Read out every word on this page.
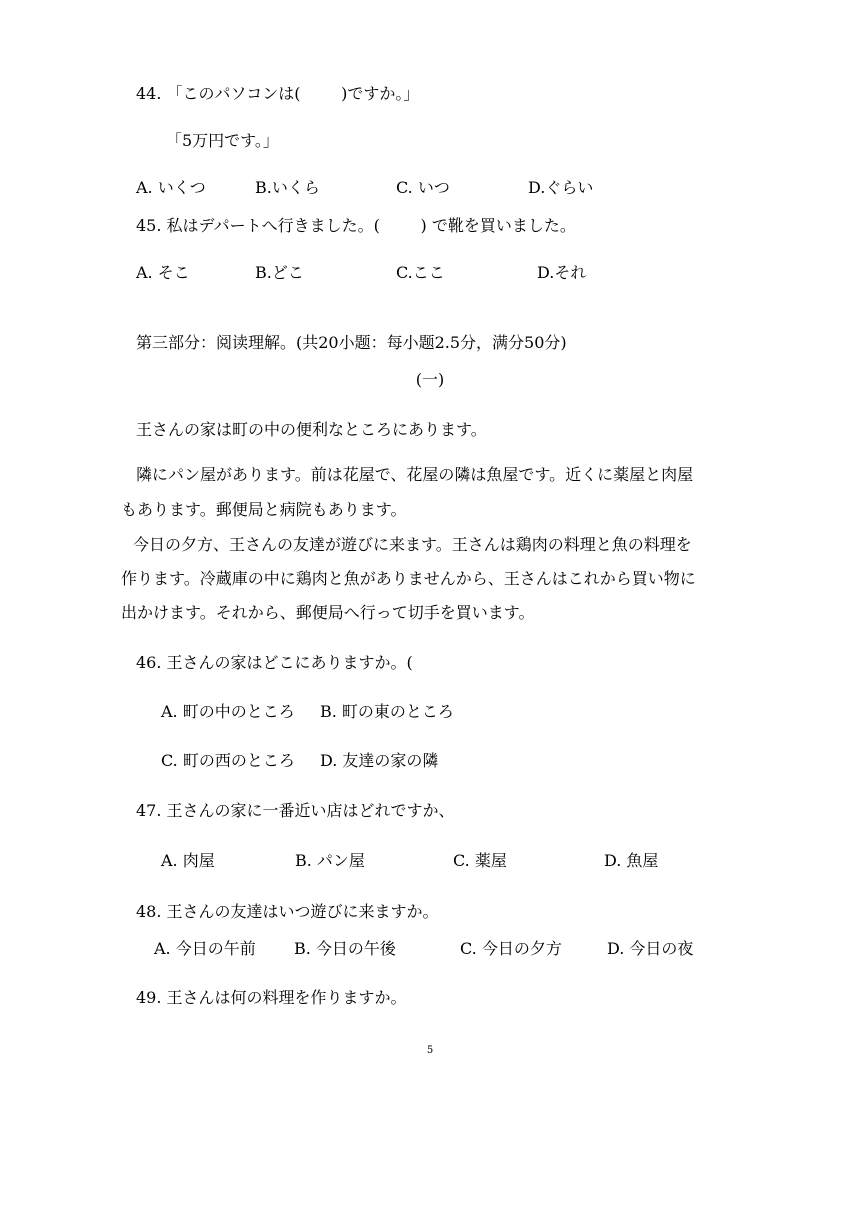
44. 「このパソコンは(        )ですか。」
「5万円です。」
A. いくつ	B.いくら	C. いつ	D.ぐらい
45. 私はデパートへ行きました。(        ) で靴を買いました。
A. そこ	B.どこ	C.ここ	D.それ
第三部分：阅读理解。(共20小题：每小题2.5分，满分50分)
(一)
王さんの家は町の中の便利なところにあります。
隣にパン屋があります。前は花屋で、花屋の隣は魚屋です。近くに薬屋と肉屋
もあります。郵便局と病院もあります。
今日の夕方、王さんの友達が遊びに来ます。王さんは鶏肉の料理と魚の料理を
作ります。冷蔵庫の中に鶏肉と魚がありませんから、王さんはこれから買い物に
出かけます。それから、郵便局へ行って切手を買います。
46. 王さんの家はどこにありますか。(
A. 町の中のところ B. 町の東のところ
C. 町の西のところ D. 友達の家の隣
47. 王さんの家に一番近い店はどれですか、
A. 肉屋	B. パン屋	C. 薬屋	D. 魚屋
48. 王さんの友達はいつ遊びに来ますか。
A. 今日の午前 B. 今日の午後	C. 今日の夕方	D. 今日の夜
49. 王さんは何の料理を作りますか。
5
